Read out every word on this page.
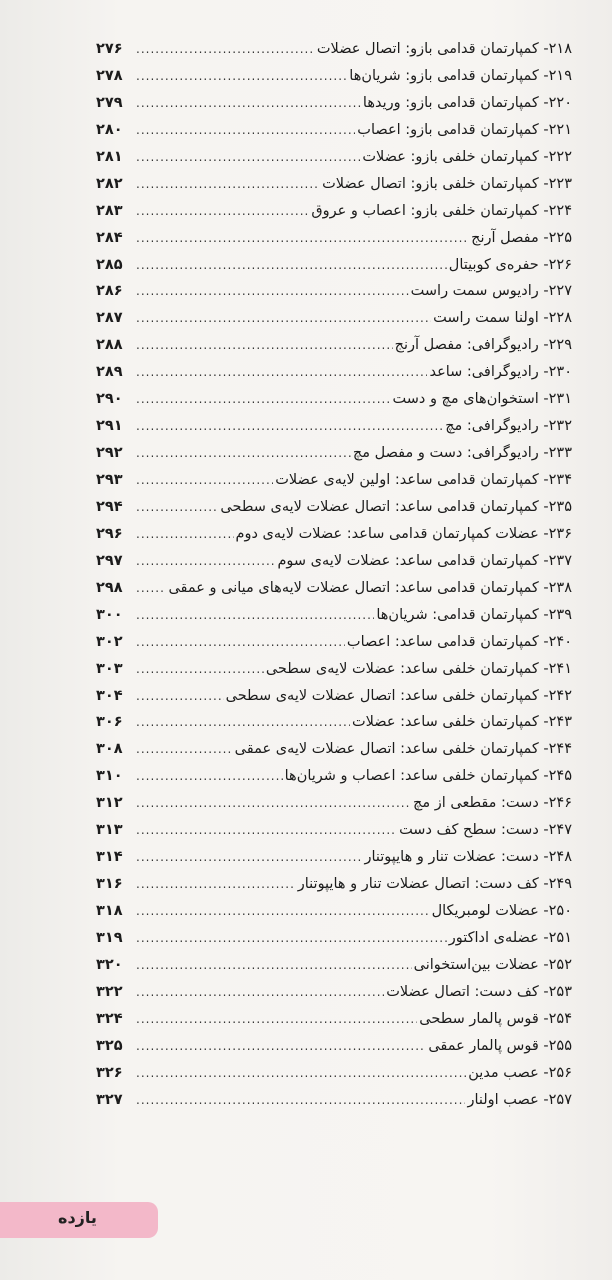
۲۱۸- کمپارتمان قدامی بازو: اتصال عضلات
.....
۲۷۶
۲۱۹- کمپارتمان قدامی بازو: شریان‌ها
.....
۲۷۸
۲۲۰- کمپارتمان قدامی بازو: وریدها
.....
۲۷۹
۲۲۱- کمپارتمان قدامی بازو: اعصاب
.....
۲۸۰
۲۲۲- کمپارتمان خلفی بازو: عضلات
.....
۲۸۱
۲۲۳- کمپارتمان خلفی بازو: اتصال عضلات
.....
۲۸۲
۲۲۴- کمپارتمان خلفی بازو: اعصاب و عروق
.....
۲۸۳
۲۲۵- مفصل آرنج
.....
۲۸۴
۲۲۶- حفره‌ی کوبیتال
.....
۲۸۵
۲۲۷- رادیوس سمت راست
.....
۲۸۶
۲۲۸- اولنا سمت راست
.....
۲۸۷
۲۲۹- رادیوگرافی: مفصل آرنج
.....
۲۸۸
۲۳۰- رادیوگرافی: ساعد
.....
۲۸۹
۲۳۱- استخوان‌های مچ و دست
.....
۲۹۰
۲۳۲- رادیوگرافی: مچ
.....
۲۹۱
۲۳۳- رادیوگرافی: دست و مفصل مچ
.....
۲۹۲
۲۳۴- کمپارتمان قدامی ساعد: اولین لایه‌ی عضلات
.....
۲۹۳
۲۳۵- کمپارتمان قدامی ساعد: اتصال عضلات لایه‌ی سطحی
.....
۲۹۴
۲۳۶- عضلات کمپارتمان قدامی ساعد: عضلات لایه‌ی دوم
.....
۲۹۶
۲۳۷- کمپارتمان قدامی ساعد: عضلات لایه‌ی سوم
.....
۲۹۷
۲۳۸- کمپارتمان قدامی ساعد: اتصال عضلات لایه‌های میانی و عمقی
.....
۲۹۸
۲۳۹- کمپارتمان قدامی: شریان‌ها
.....
۳۰۰
۲۴۰- کمپارتمان قدامی ساعد: اعصاب
.....
۳۰۲
۲۴۱- کمپارتمان خلفی ساعد: عضلات لایه‌ی سطحی
.....
۳۰۳
۲۴۲- کمپارتمان خلفی ساعد: اتصال عضلات لایه‌ی سطحی
.....
۳۰۴
۲۴۳- کمپارتمان خلفی ساعد: عضلات
.....
۳۰۶
۲۴۴- کمپارتمان خلفی ساعد: اتصال عضلات لایه‌ی عمقی
.....
۳۰۸
۲۴۵- کمپارتمان خلفی ساعد: اعصاب و شریان‌ها
.....
۳۱۰
۲۴۶- دست: مقطعی از مچ
.....
۳۱۲
۲۴۷- دست: سطح کف دست
.....
۳۱۳
۲۴۸- دست: عضلات تنار و هایپوتنار
.....
۳۱۴
۲۴۹- کف دست: اتصال عضلات تنار و هایپوتنار
.....
۳۱۶
۲۵۰- عضلات لومبریکال
.....
۳۱۸
۲۵۱- عضله‌ی اداکتور
.....
۳۱۹
۲۵۲- عضلات بین‌استخوانی
.....
۳۲۰
۲۵۳- کف دست: اتصال عضلات
.....
۳۲۲
۲۵۴- قوس پالمار سطحی
.....
۳۲۴
۲۵۵- قوس پالمار عمقی
.....
۳۲۵
۲۵۶- عصب مدین
.....
۳۲۶
۲۵۷- عصب اولنار
.....
۳۲۷
یازده
